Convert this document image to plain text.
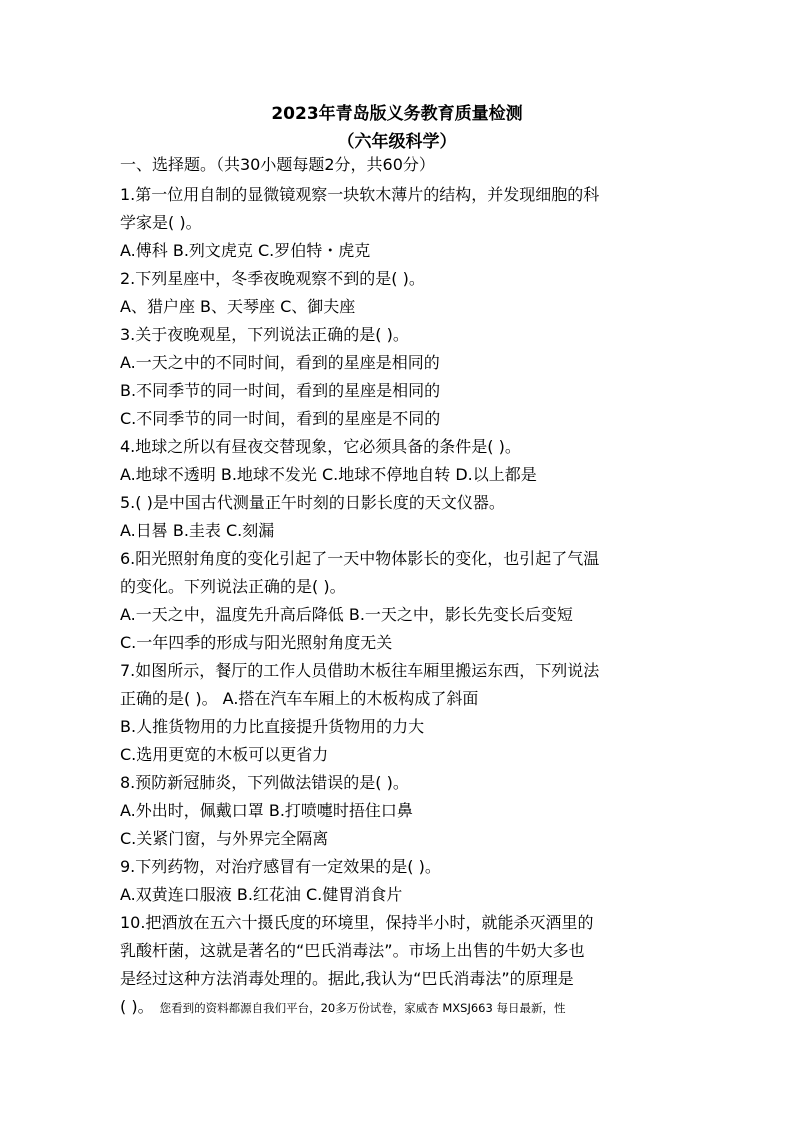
2023年青岛版义务教育质量检测
（六年级科学）
一、选择题。（共30小题每题2分，共60分）
1.第一位用自制的显微镜观察一块软木薄片的结构，并发现细胞的科
学家是( )。
A.傅科 B.列文虎克 C.罗伯特・虎克
2.下列星座中，冬季夜晚观察不到的是( )。
A、猎户座 B、天琴座 C、御夫座
3.关于夜晚观星，下列说法正确的是( )。
A.一天之中的不同时间，看到的星座是相同的
B.不同季节的同一时间，看到的星座是相同的
C.不同季节的同一时间，看到的星座是不同的
4.地球之所以有昼夜交替现象，它必须具备的条件是( )。
A.地球不透明 B.地球不发光 C.地球不停地自转 D.以上都是
5.( )是中国古代测量正午时刻的日影长度的天文仪器。
A.日晷 B.圭表 C.刻漏
6.阳光照射角度的变化引起了一天中物体影长的变化，也引起了气温
的变化。下列说法正确的是( )。
A.一天之中，温度先升高后降低 B.一天之中，影长先变长后变短
C.一年四季的形成与阳光照射角度无关
7.如图所示，餐厅的工作人员借助木板往车厢里搬运东西，下列说法
正确的是( )。 A.搭在汽车车厢上的木板构成了斜面
B.人推货物用的力比直接提升货物用的力大
C.选用更宽的木板可以更省力
8.预防新冠肺炎，下列做法错误的是( )。
A.外出时，佩戴口罩 B.打喷嚏时捂住口鼻
C.关紧门窗，与外界完全隔离
9.下列药物，对治疗感冒有一定效果的是( )。
A.双黄连口服液 B.红花油 C.健胃消食片
10.把酒放在五六十摄氏度的环境里，保持半小时，就能杀灭酒里的
乳酸杆菌，这就是著名的“巴氏消毒法”。市场上出售的牛奶大多也
是经过这种方法消毒处理的。据此,我认为“巴氏消毒法”的原理是
( )。 您看到的资料都源自我们平台，20多万份试卷，家威杏 MXSJ663 每日最新，性
